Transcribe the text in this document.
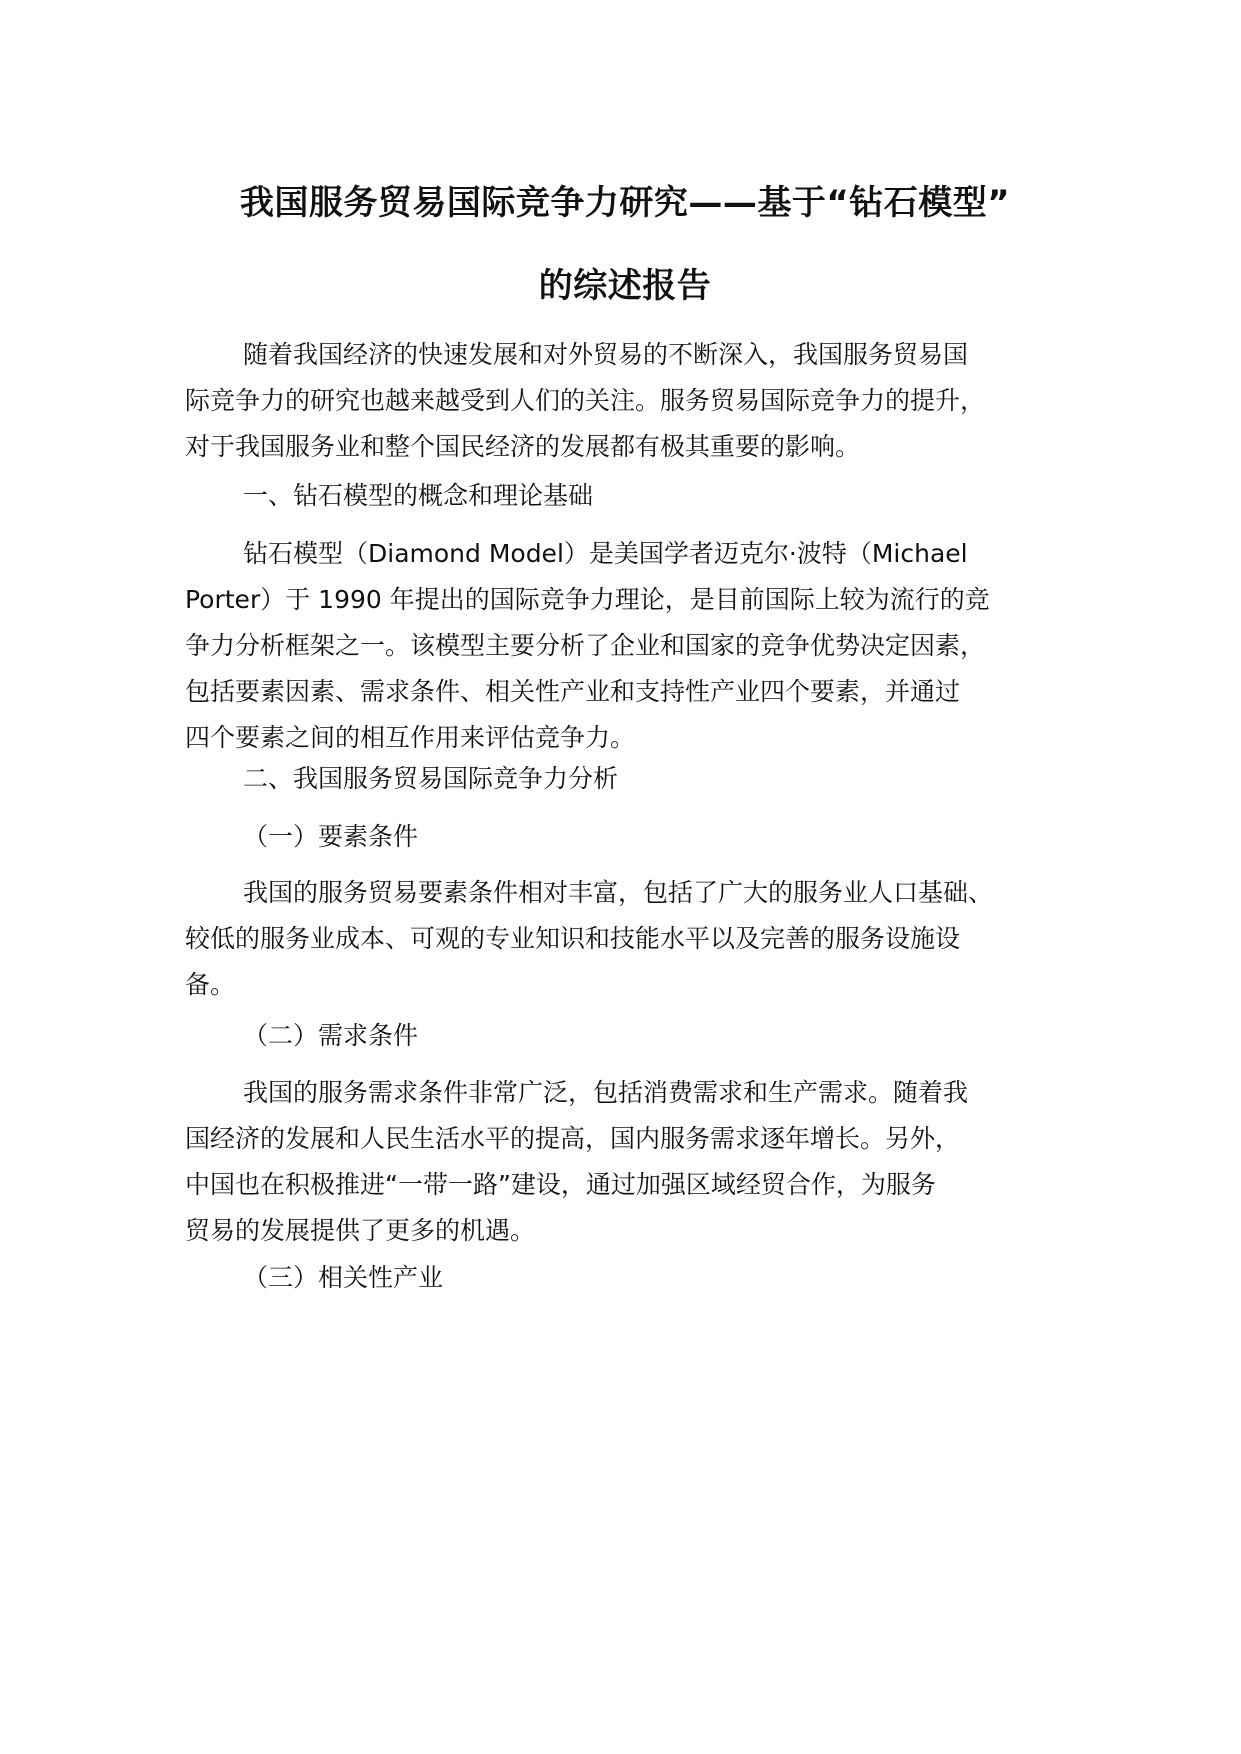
我国服务贸易国际竞争力研究——基于“钻石模型”
的综述报告
随着我国经济的快速发展和对外贸易的不断深入，我国服务贸易国
际竞争力的研究也越来越受到人们的关注。服务贸易国际竞争力的提升，
对于我国服务业和整个国民经济的发展都有极其重要的影响。
一、钻石模型的概念和理论基础
钻石模型（Diamond Model）是美国学者迈克尔·波特（Michael
Porter）于 1990 年提出的国际竞争力理论，是目前国际上较为流行的竞
争力分析框架之一。该模型主要分析了企业和国家的竞争优势决定因素，
包括要素因素、需求条件、相关性产业和支持性产业四个要素，并通过
四个要素之间的相互作用来评估竞争力。
二、我国服务贸易国际竞争力分析
（一）要素条件
我国的服务贸易要素条件相对丰富，包括了广大的服务业人口基础、
较低的服务业成本、可观的专业知识和技能水平以及完善的服务设施设
备。
（二）需求条件
我国的服务需求条件非常广泛，包括消费需求和生产需求。随着我
国经济的发展和人民生活水平的提高，国内服务需求逐年增长。另外，
中国也在积极推进“一带一路”建设，通过加强区域经贸合作，为服务
贸易的发展提供了更多的机遇。
（三）相关性产业
